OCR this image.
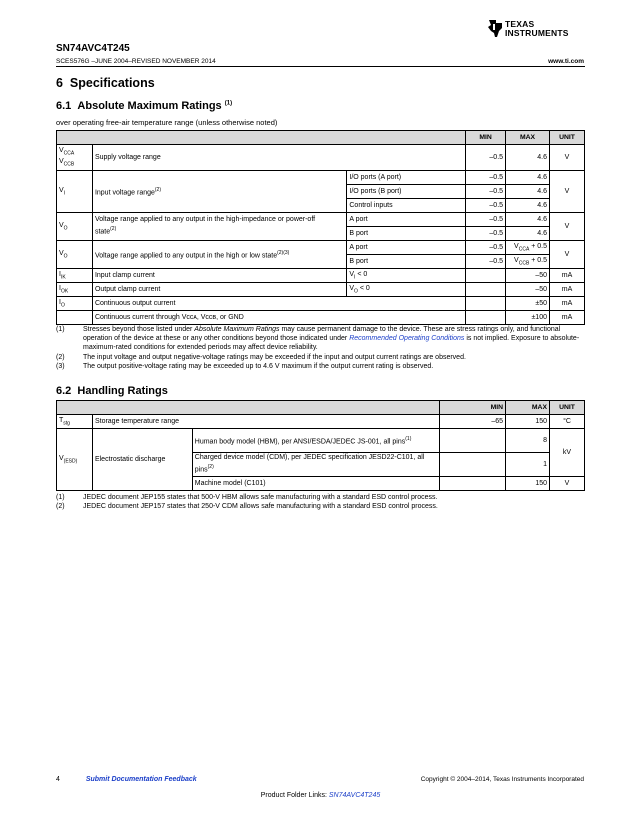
SN74AVC4T245
TEXAS
INSTRUMENTS
SCES576G –JUNE 2004–REVISED NOVEMBER 2014	www.ti.com
6 Specifications
6.1 Absolute Maximum Ratings $^{(1)}$
over operating free-air temperature range (unless otherwise noted)
			MIN	MAX	UNIT
$V_{CCA}$
$V_{CCB}$	Supply voltage range		–0.5	4.6	V
$V_I$	Input voltage range$^{(2)}$	I/O ports (A port)	–0.5	4.6	V
		I/O ports (B port)	–0.5	4.6	
		Control inputs	–0.5	4.6	
$V_O$	Voltage range applied to any output in the high-impedance or power-off state$^{(2)}$	A port	–0.5	4.6	V
		B port	–0.5	4.6	
$V_O$	Voltage range applied to any output in the high or low state$^{(2)(3)}$	A port	–0.5	$V_{CCA} + 0.5$	V
		B port	–0.5	$V_{CCB} + 0.5$	
$I_{IK}$	Input clamp current	$V_I < 0$		–50	mA
$I_{OK}$	Output clamp current	$V_O < 0$		–50	mA
$I_O$	Continuous output current			±50	mA
	Continuous current through Vᴄᴄᴀ, Vᴄᴄʙ, or GND			±100	mA
(1)	Stresses beyond those listed under Absolute Maximum Ratings may cause permanent damage to the device. These are stress ratings only, and functional operation of the device at these or any other conditions beyond those indicated under Recommended Operating Conditions is not implied. Exposure to absolute-maximum-rated conditions for extended periods may affect device reliability.
(2)	The input voltage and output negative-voltage ratings may be exceeded if the input and output current ratings are observed.
(3)	The output positive-voltage rating may be exceeded up to 4.6 V maximum if the output current rating is observed.
6.2 Handling Ratings
			MIN	MAX	UNIT
$T_{stg}$	Storage temperature range		–65	150	°C
$V_{(ESD)}$	Electrostatic discharge	Human body model (HBM), per ANSI/ESDA/JEDEC JS-001, all pins$^{(1)}$		8	kV
		Charged device model (CDM), per JEDEC specification JESD22-C101, all pins$^{(2)}$		1	
		Machine model (C101)		150	V
(1)	JEDEC document JEP155 states that 500-V HBM allows safe manufacturing with a standard ESD control process.
(2)	JEDEC document JEP157 states that 250-V CDM allows safe manufacturing with a standard ESD control process.
4	Submit Documentation Feedback	Copyright © 2004–2014, Texas Instruments Incorporated
Product Folder Links: SN74AVC4T245
